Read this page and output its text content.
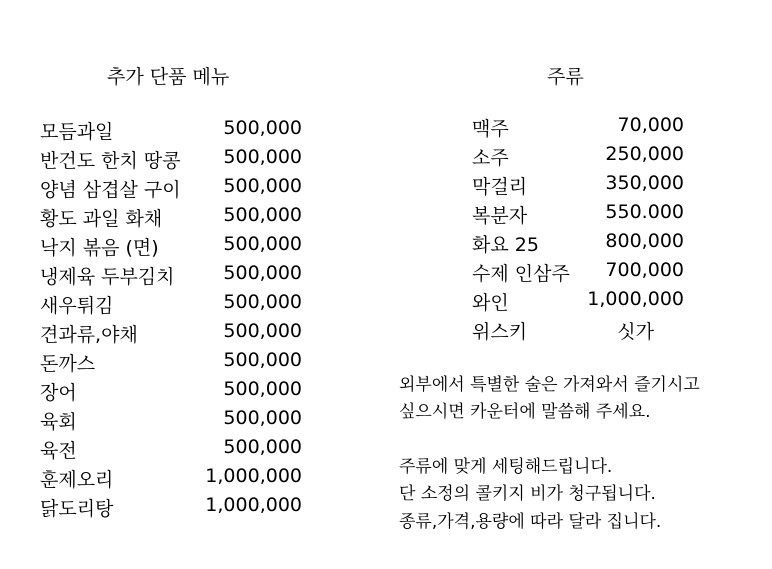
추가 단품 메뉴	주류
모듬과일	500,000
반건도 한치 땅콩 500,000
양념 삼겹살 구이 500,000
황도 과일 화채	500,000
낙지 볶음 (면)	500,000
냉제육 두부김치	500,000
새우튀김	500,000
견과류,야채	500,000
돈까스	500,000
장어	500,000
육회	500,000
육전	500,000
훈제오리	1,000,000
닭도리탕	1,000,000
맥주	70,000
소주	250,000
막걸리	350,000
복분자	550.000
화요 25	800,000
수제 인삼주 700,000
와인	1,000,000
위스키	싯가
외부에서 특별한 술은 가져와서 즐기시고
싶으시면 카운터에 말씀해 주세요.
주류에 맞게 세팅해드립니다.
단 소정의 콜키지 비가 청구됩니다.
종류,가격,용량에 따라 달라 집니다.
